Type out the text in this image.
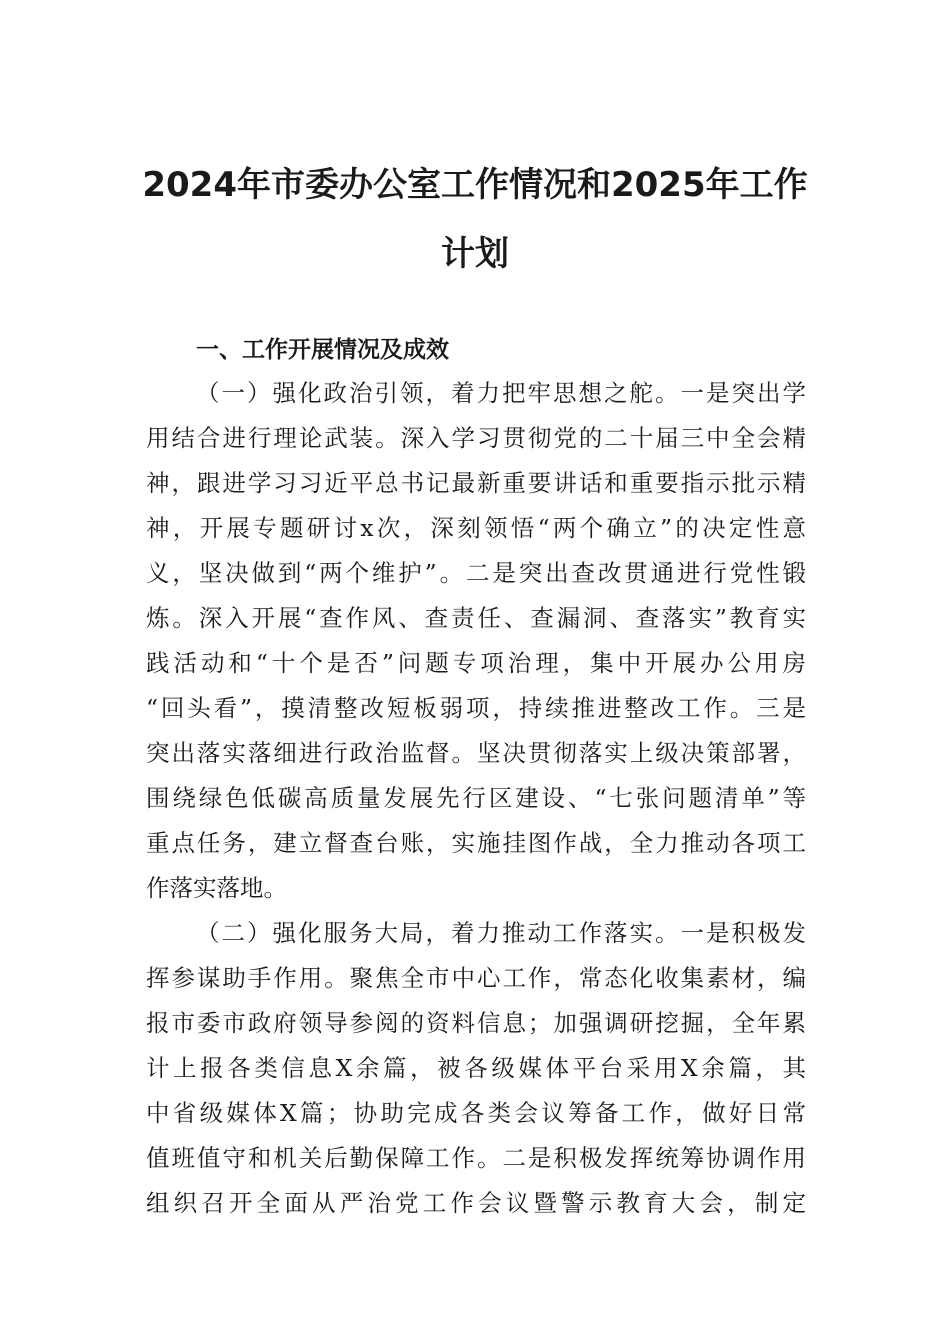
2024年市委办公室工作情况和2025年工作
计划
一、工作开展情况及成效
（一）强化政治引领，着力把牢思想之舵。一是突出学
用结合进行理论武装。深入学习贯彻党的二十届三中全会精
神，跟进学习习近平总书记最新重要讲话和重要指示批示精
神，开展专题研讨x次，深刻领悟“两个确立”的决定性意
义，坚决做到“两个维护”。二是突出查改贯通进行党性锻
炼。深入开展“查作风、查责任、查漏洞、查落实”教育实
践活动和“十个是否”问题专项治理，集中开展办公用房
“回头看”，摸清整改短板弱项，持续推进整改工作。三是
突出落实落细进行政治监督。坚决贯彻落实上级决策部署，
围绕绿色低碳高质量发展先行区建设、“七张问题清单”等
重点任务，建立督查台账，实施挂图作战，全力推动各项工
作落实落地。
（二）强化服务大局，着力推动工作落实。一是积极发
挥参谋助手作用。聚焦全市中心工作，常态化收集素材，编
报市委市政府领导参阅的资料信息；加强调研挖掘，全年累
计上报各类信息X余篇，被各级媒体平台采用X余篇，其
中省级媒体X篇；协助完成各类会议筹备工作，做好日常
值班值守和机关后勤保障工作。二是积极发挥统筹协调作用
组织召开全面从严治党工作会议暨警示教育大会，制定
